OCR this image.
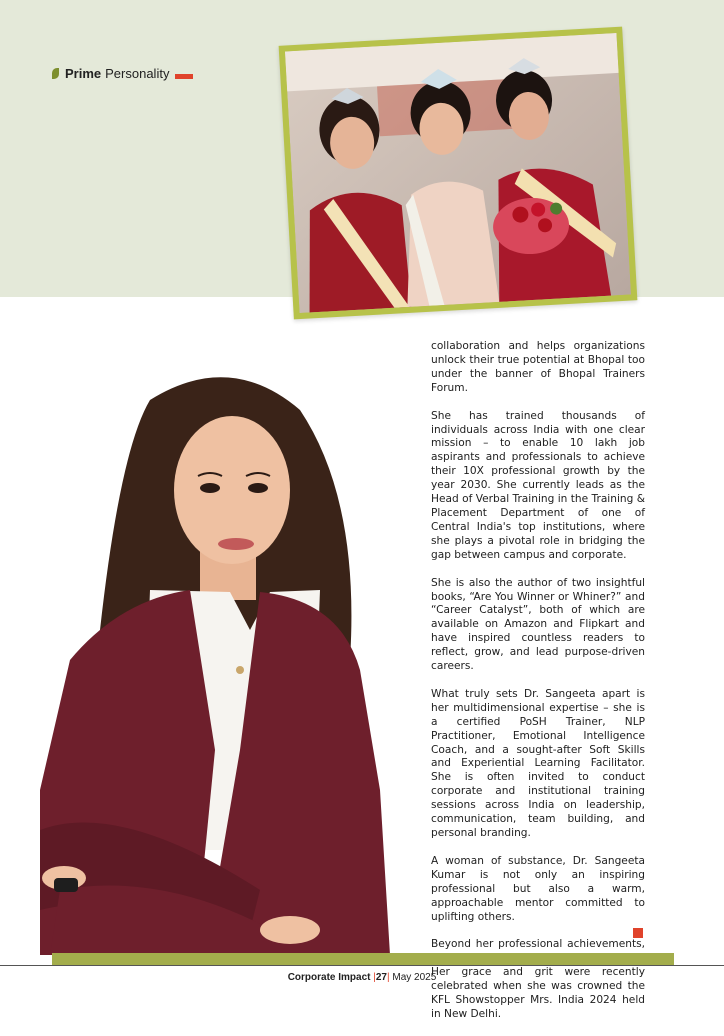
Prime Personality

collaboration and helps organizations unlock their true potential at Bhopal too under the banner of Bhopal Trainers Forum.

She has trained thousands of individuals across India with one clear mission – to enable 10 lakh job aspirants and professionals to achieve their 10X professional growth by the year 2030. She currently leads as the Head of Verbal Training in the Training & Placement Department of one of Central India's top institutions, where she plays a pivotal role in bridging the gap between campus and corporate.

She is also the author of two insightful books, “Are You Winner or Whiner?” and “Career Catalyst”, both of which are available on Amazon and Flipkart and have inspired countless readers to reflect, grow, and lead purpose-driven careers.

What truly sets Dr. Sangeeta apart is her multidimensional expertise – she is a certified PoSH Trainer, NLP Practitioner, Emotional Intelligence Coach, and a sought-after Soft Skills and Experiential Learning Facilitator. She is often invited to conduct corporate and institutional training sessions across India on leadership, communication, team building, and personal branding.

A woman of substance, Dr. Sangeeta Kumar is not only an inspiring professional but also a warm, approachable mentor committed to uplifting others.

Beyond her professional achievements, Her grace and grit were recently celebrated when she was crowned the KFL Showstopper Mrs. India 2024 held in New Delhi.

Corporate Impact |27| May 2025
